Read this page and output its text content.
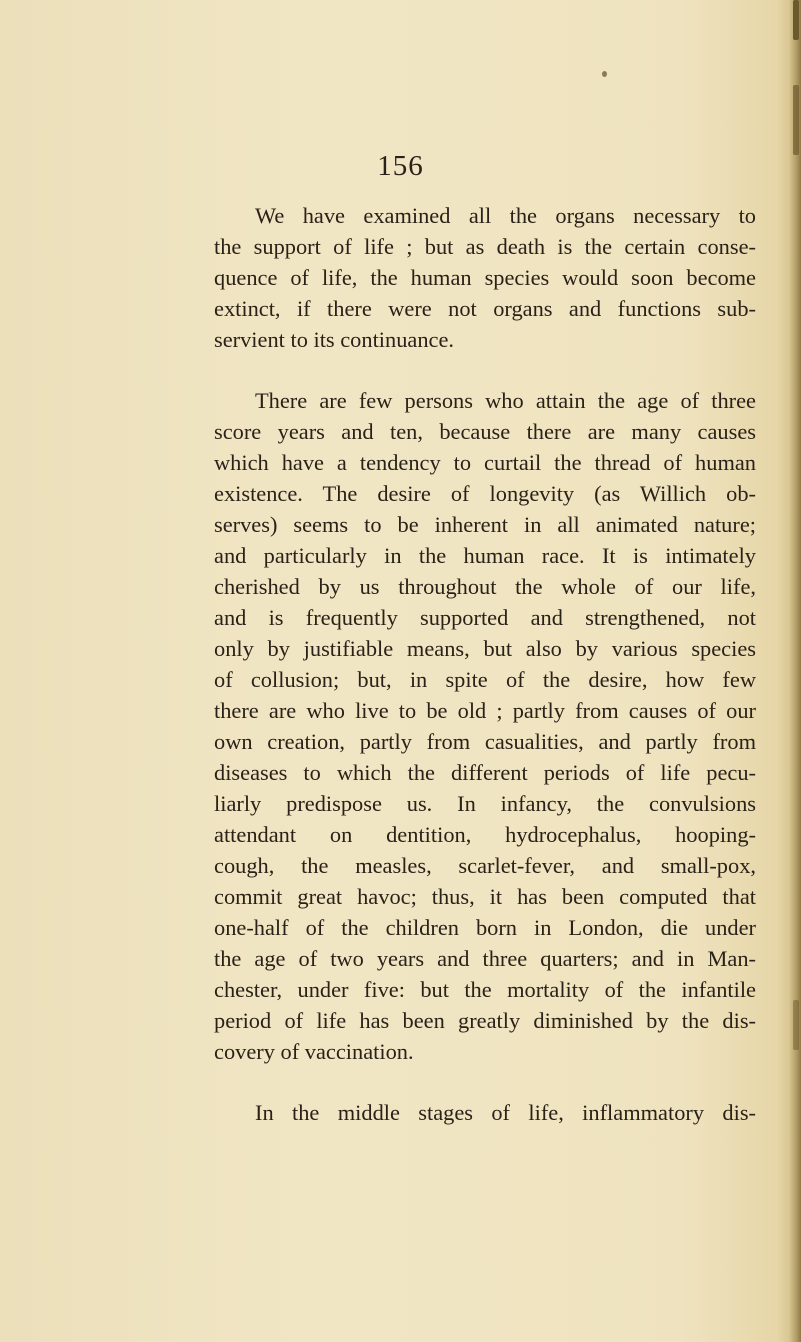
156

We have examined all the organs necessary to
the support of life ; but as death is the certain conse-
quence of life, the human species would soon become
extinct, if there were not organs and functions sub-
servient to its continuance.

There are few persons who attain the age of three
score years and ten, because there are many causes
which have a tendency to curtail the thread of human
existence. The desire of longevity (as Willich ob-
serves) seems to be inherent in all animated nature;
and particularly in the human race. It is intimately
cherished by us throughout the whole of our life,
and is frequently supported and strengthened, not
only by justifiable means, but also by various species
of collusion; but, in spite of the desire, how few
there are who live to be old ; partly from causes of our
own creation, partly from casualities, and partly from
diseases to which the different periods of life pecu-
liarly predispose us. In infancy, the convulsions
attendant on dentition, hydrocephalus, hooping-
cough, the measles, scarlet-fever, and small-pox,
commit great havoc; thus, it has been computed that
one-half of the children born in London, die under
the age of two years and three quarters; and in Man-
chester, under five: but the mortality of the infantile
period of life has been greatly diminished by the dis-
covery of vaccination.

In the middle stages of life, inflammatory dis-
